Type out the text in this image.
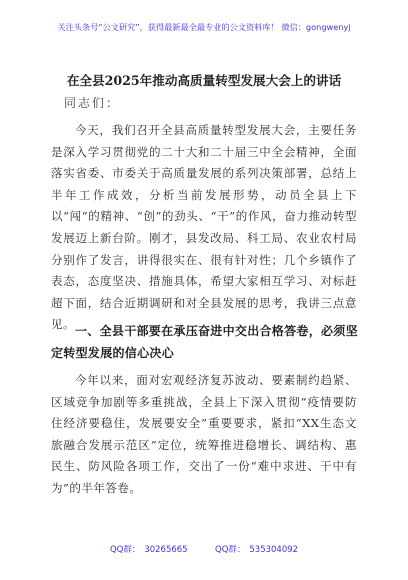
关注头条号“公文研究”，获得最新最全最专业的公文资料库！ 微信：gongwenyj
在全县2025年推动高质量转型发展大会上的讲话
同志们：

今天，我们召开全县高质量转型发展大会，主要任务是深入学习贯彻党的二十大和二十届三中全会精神，全面落实省委、市委关于高质量发展的系列决策部署，总结上半年工作成效，分析当前发展形势，动员全县上下以“闯”的精神、“创”的劲头、“干”的作风，奋力推动转型发展迈上新台阶。刚才，县发改局、科工局、农业农村局分别作了发言，讲得很实在、很有针对性；几个乡镇作了表态，态度坚决、措施具体，希望大家相互学习、对标赶超下面，结合近期调研和对全县发展的思考，我讲三点意见。 一、全县干部要在承压奋进中交出合格答卷，必须坚定转型发展的信心决心

今年以来，面对宏观经济复苏波动、要素制约趋紧、区域竞争加剧等多重挑战，全县上下深入贯彻“疫情要防住经济要稳住，发展要安全”重要要求，紧扣“XX生态文旅融合发展示范区”定位，统筹推进稳增长、调结构、惠民生、防风险各项工作，交出了一份“难中求进、干中有为”的半年答卷。

QQ群： 30265665	QQ群： 535304092
